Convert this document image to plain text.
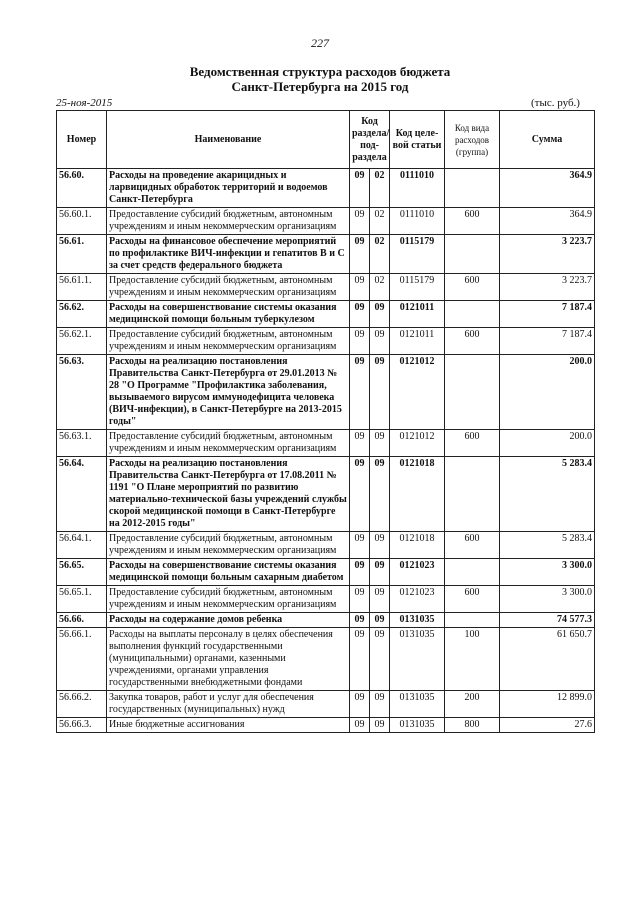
227
Ведомственная структура расходов бюджета
Санкт-Петербурга на 2015 год
25-ноя-2015	(тыс. руб.)
Номер	Наименование	Код раздела/ под-раздела		Код целе-вой статьи	Код вида расходов (группа)	Сумма
56.60.	Расходы на проведение акарицидных и ларвицидных обработок территорий и водоемов Санкт-Петербурга	09	02	0111010		364.9
56.60.1.	Предоставление субсидий бюджетным, автономным учреждениям и иным некоммерческим организациям	09	02	0111010	600	364.9
56.61.	Расходы на финансовое обеспечение мероприятий по профилактике ВИЧ-инфекции и гепатитов В и С за счет средств федерального бюджета	09	02	0115179		3 223.7
56.61.1.	Предоставление субсидий бюджетным, автономным учреждениям и иным некоммерческим организациям	09	02	0115179	600	3 223.7
56.62.	Расходы на совершенствование системы оказания медицинской помощи больным туберкулезом	09	09	0121011		7 187.4
56.62.1.	Предоставление субсидий бюджетным, автономным учреждениям и иным некоммерческим организациям	09	09	0121011	600	7 187.4
56.63.	Расходы на реализацию постановления Правительства Санкт-Петербурга от 29.01.2013 № 28 "О Программе "Профилактика заболевания, вызываемого вирусом иммунодефицита человека (ВИЧ-инфекции), в Санкт-Петербурге на 2013-2015 годы"	09	09	0121012		200.0
56.63.1.	Предоставление субсидий бюджетным, автономным учреждениям и иным некоммерческим организациям	09	09	0121012	600	200.0
56.64.	Расходы на реализацию постановления Правительства Санкт-Петербурга от 17.08.2011 № 1191 "О Плане мероприятий по развитию материально-технической базы учреждений службы скорой медицинской помощи в Санкт-Петербурге на 2012-2015 годы"	09	09	0121018		5 283.4
56.64.1.	Предоставление субсидий бюджетным, автономным учреждениям и иным некоммерческим организациям	09	09	0121018	600	5 283.4
56.65.	Расходы на совершенствование системы оказания медицинской помощи больным сахарным диабетом	09	09	0121023		3 300.0
56.65.1.	Предоставление субсидий бюджетным, автономным учреждениям и иным некоммерческим организациям	09	09	0121023	600	3 300.0
56.66.	Расходы на содержание домов ребенка	09	09	0131035		74 577.3
56.66.1.	Расходы на выплаты персоналу в целях обеспечения выполнения функций государственными (муниципальными) органами, казенными учреждениями, органами управления государственными внебюджетными фондами	09	09	0131035	100	61 650.7
56.66.2.	Закупка товаров, работ и услуг для обеспечения государственных (муниципальных) нужд	09	09	0131035	200	12 899.0
56.66.3.	Иные бюджетные ассигнования	09	09	0131035	800	27.6
